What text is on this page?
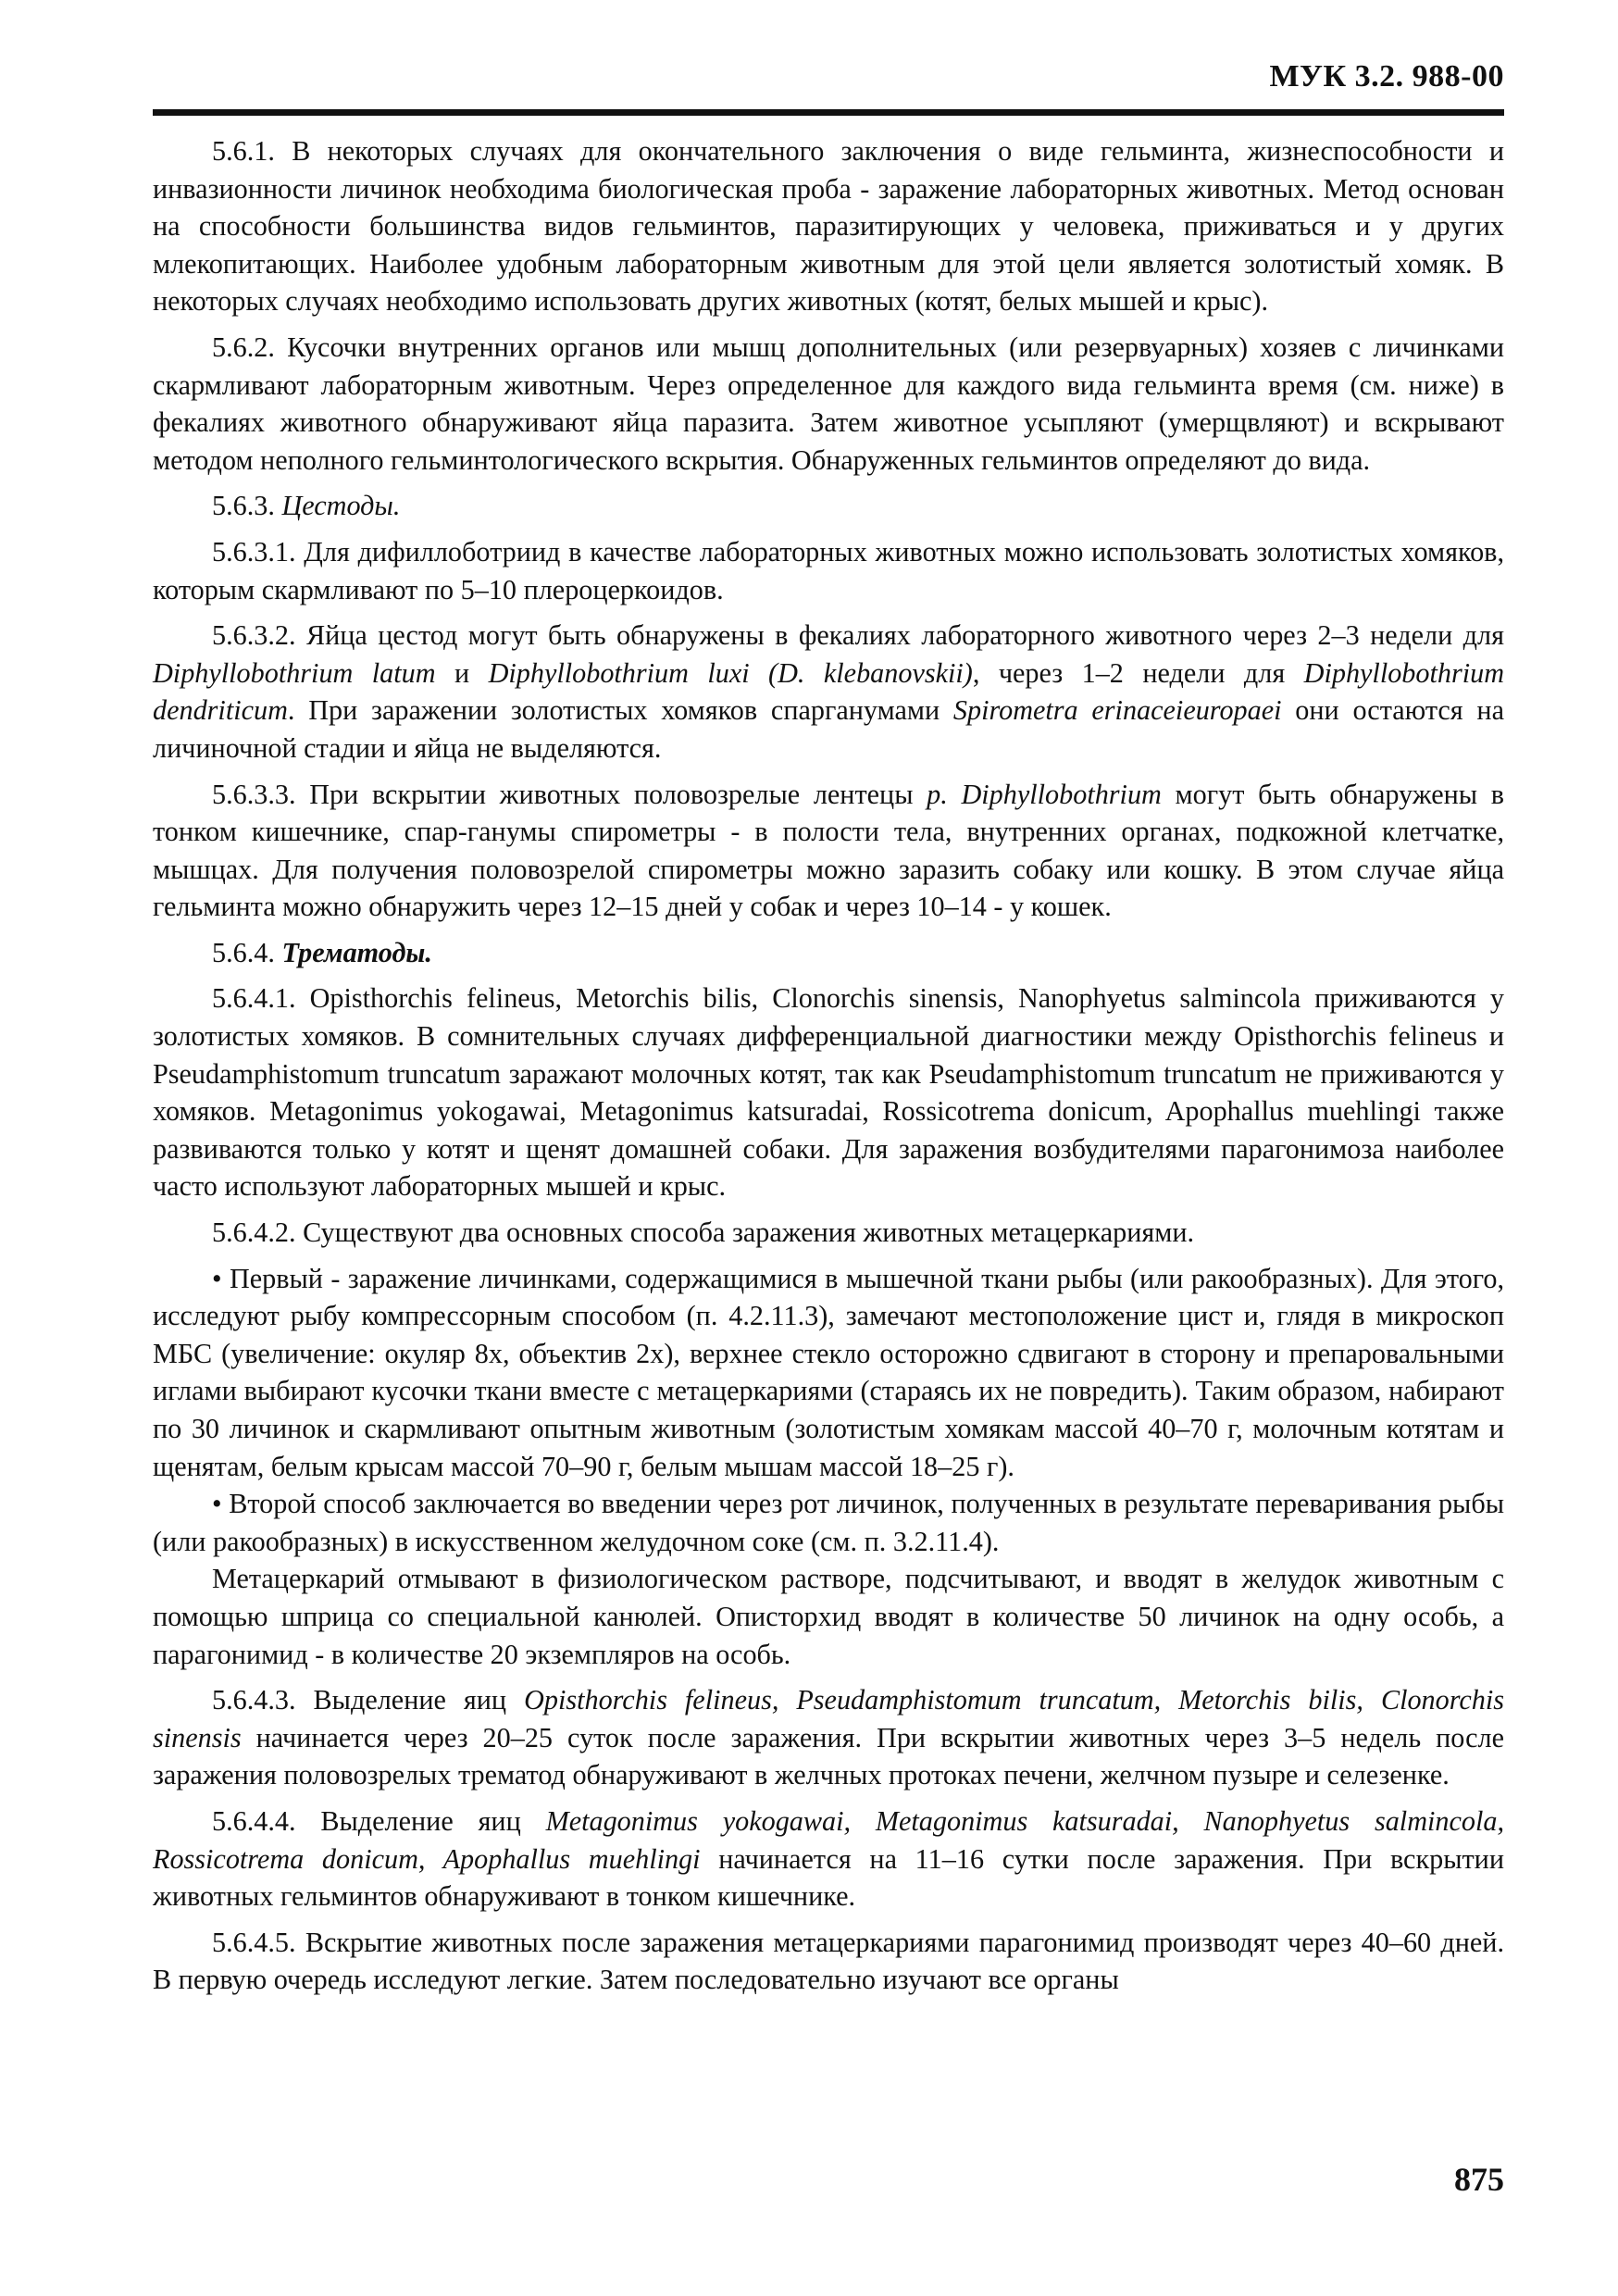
МУК 3.2. 988-00

5.6.1. В некоторых случаях для окончательного заключения о виде гельминта, жизнеспособности и инвазионности личинок необходима биологическая проба - заражение лабораторных животных. Метод основан на способности большинства видов гельминтов, паразитирующих у человека, приживаться и у других млекопитающих. Наиболее удобным лабораторным животным для этой цели является золотистый хомяк. В некоторых случаях необходимо использовать других животных (котят, белых мышей и крыс).

5.6.2. Кусочки внутренних органов или мышц дополнительных (или резервуарных) хозяев с личинками скармливают лабораторным животным. Через определенное для каждого вида гельминта время (см. ниже) в фекалиях животного обнаруживают яйца паразита. Затем животное усыпляют (умерщвляют) и вскрывают методом неполного гельминтологического вскрытия. Обнаруженных гельминтов определяют до вида.

5.6.3. Цестоды.

5.6.3.1. Для дифиллоботриид в качестве лабораторных животных можно использовать золотистых хомяков, которым скармливают по 5–10 плероцеркоидов.

5.6.3.2. Яйца цестод могут быть обнаружены в фекалиях лабораторного животного через 2–3 недели для Diphyllobothrium latum и Diphyllobothrium luxi (D. klebanovskii), через 1–2 недели для Diphyllobothrium dendriticum. При заражении золотистых хомяков спарганумами Spirometra erinaceieuropaei они остаются на личиночной стадии и яйца не выделяются.

5.6.3.3. При вскрытии животных половозрелые лентецы p. Diphyllobothrium могут быть обнаружены в тонком кишечнике, спар-ганумы спирометры - в полости тела, внутренних органах, подкожной клетчатке, мышцах. Для получения половозрелой спирометры можно заразить собаку или кошку. В этом случае яйца гельминта можно обнаружить через 12–15 дней у собак и через 10–14 - у кошек.

5.6.4. Трематоды.

5.6.4.1. Opisthorchis felineus, Metorchis bilis, Clonorchis sinensis, Nanophyetus salmincola приживаются у золотистых хомяков. В сомнительных случаях дифференциальной диагностики между Opisthorchis felineus и Pseudamphistomum truncatum заражают молочных котят, так как Pseudamphistomum truncatum не приживаются у хомяков. Metagonimus yokogawai, Metagonimus katsuradai, Rossicotrema donicum, Apophallus muehlingi также развиваются только у котят и щенят домашней собаки. Для заражения возбудителями парагонимоза наиболее часто используют лабораторных мышей и крыс.

5.6.4.2. Существуют два основных способа заражения животных метацеркариями.

• Первый - заражение личинками, содержащимися в мышечной ткани рыбы (или ракообразных). Для этого, исследуют рыбу компрессорным способом (п. 4.2.11.3), замечают местоположение цист и, глядя в микроскоп МБС (увеличение: окуляр 8х, объектив 2х), верхнее стекло осторожно сдвигают в сторону и препаровальными иглами выбирают кусочки ткани вместе с метацеркариями (стараясь их не повредить). Таким образом, набирают по 30 личинок и скармливают опытным животным (золотистым хомякам массой 40–70 г, молочным котятам и щенятам, белым крысам массой 70–90 г, белым мышам массой 18–25 г).

• Второй способ заключается во введении через рот личинок, полученных в результате переваривания рыбы (или ракообразных) в искусственном желудочном соке (см. п. 3.2.11.4).

Метацеркарий отмывают в физиологическом растворе, подсчитывают, и вводят в желудок животным с помощью шприца со специальной канюлей. Описторхид вводят в количестве 50 личинок на одну особь, а парагонимид - в количестве 20 экземпляров на особь.

5.6.4.3. Выделение яиц Opisthorchis felineus, Pseudamphistomum truncatum, Metorchis bilis, Clonorchis sinensis начинается через 20–25 суток после заражения. При вскрытии животных через 3–5 недель после заражения половозрелых трематод обнаруживают в желчных протоках печени, желчном пузыре и селезенке.

5.6.4.4. Выделение яиц Metagonimus yokogawai, Metagonimus katsuradai, Nanophyetus salmincola, Rossicotrema donicum, Apophallus muehlingi начинается на 11–16 сутки после заражения. При вскрытии животных гельминтов обнаруживают в тонком кишечнике.

5.6.4.5. Вскрытие животных после заражения метацеркариями парагонимид производят через 40–60 дней. В первую очередь исследуют легкие. Затем последовательно изучают все органы

875
